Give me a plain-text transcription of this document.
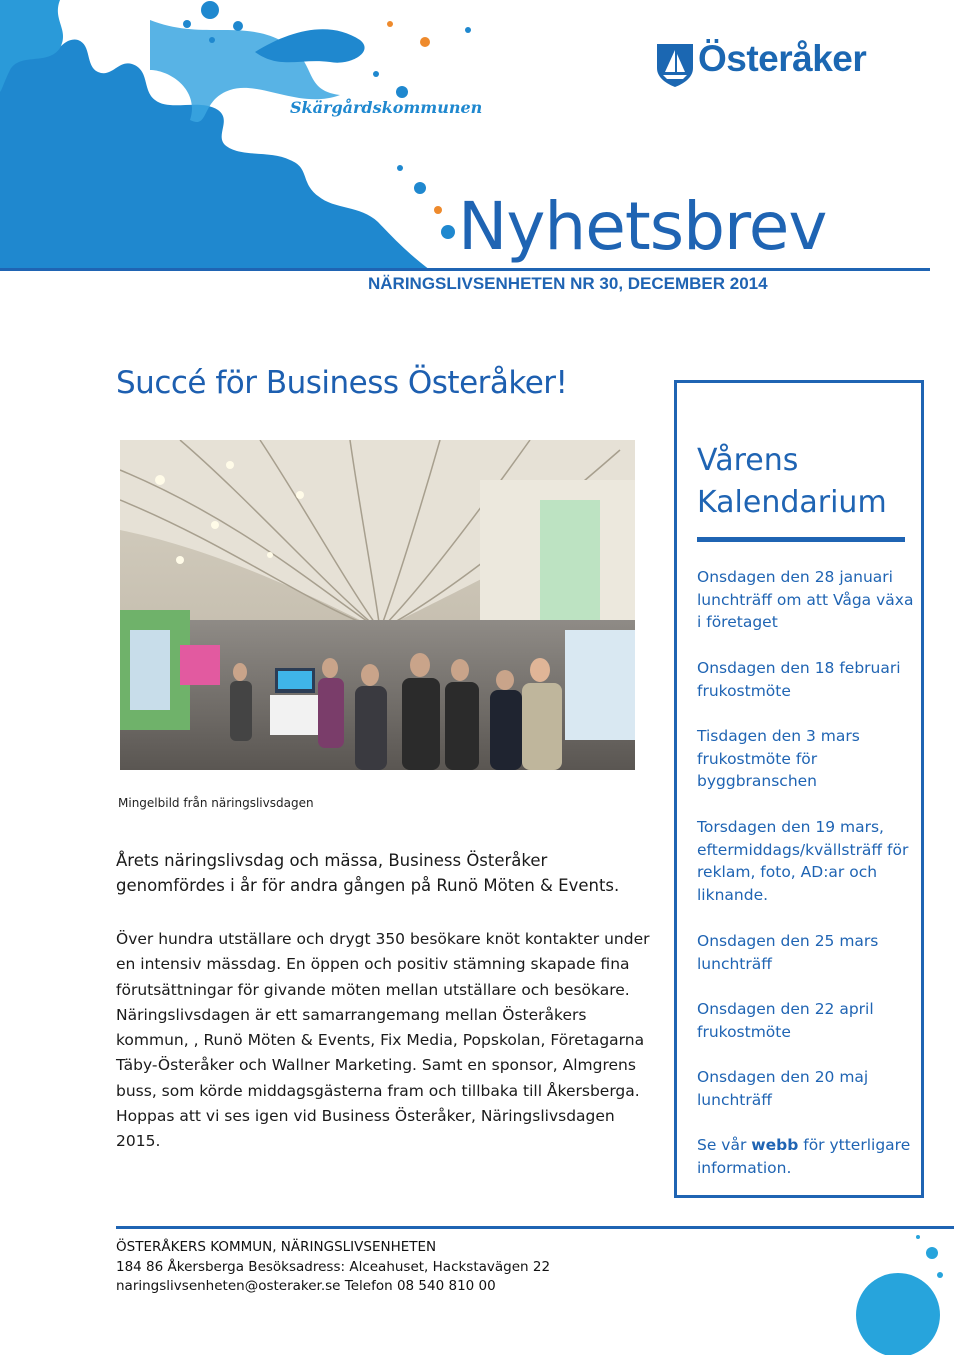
Österåker
Skärgårdskommunen
Nyhetsbrev
NÄRINGSLIVSENHETEN NR 30, DECEMBER 2014
Succé för Business Österåker!
Mingelbild från näringslivsdagen
Årets näringslivsdag och mässa, Business Österåker genomfördes i år för andra gången på Runö Möten & Events.

Över hundra utställare och drygt 350 besökare knöt kontakter under en intensiv mässdag. En öppen och positiv stämning skapade fina förutsättningar för givande möten mellan utställare och besökare.

Näringslivsdagen är ett samarrangemang mellan Österåkers kommun, , Runö Möten & Events, Fix Media, Popskolan, Företagarna Täby-Österåker och Wallner Marketing. Samt en sponsor, Almgrens buss, som körde middagsgästerna fram och tillbaka till Åkersberga. Hoppas att vi ses igen vid Business Österåker, Näringslivsdagen 2015.

Vårens Kalendarium

Onsdagen den 28 januari

lunchträff om att Våga växa i företaget

Onsdagen den 18 februari

frukostmöte

Tisdagen den 3 mars

frukostmöte för byggbranschen

Torsdagen den 19 mars,

eftermiddags/kvällsträff för reklam, foto, AD:ar och liknande.

Onsdagen den 25 mars

lunchträff

Onsdagen den 22 april

frukostmöte

Onsdagen den 20 maj

lunchträff

Se vår webb för ytterligare information.
ÖSTERÅKERS KOMMUN, NÄRINGSLIVSENHETEN
184 86 Åkersberga Besöksadress: Alceahuset, Hackstavägen 22
naringslivsenheten@osteraker.se Telefon 08 540 810 00
